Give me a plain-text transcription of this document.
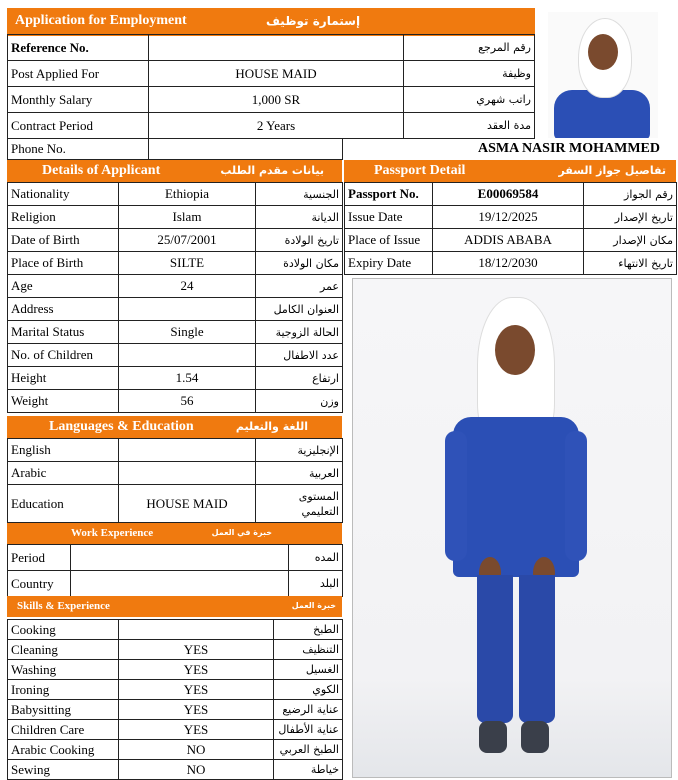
Application for Employment	إستمارة توظيف
Reference No.		رقم المرجع
Post Applied For	HOUSE MAID	وظيفة
Monthly Salary	1,000 SR	راتب شهري
Contract Period	2 Years	مدة العقد
Phone No.		ASMA NASIR MOHAMMED
Details of Applicant	بيانات مقدم الطلب
Nationality	Ethiopia	الجنسية
Religion	Islam	الديانة
Date of Birth	25/07/2001	تاريخ الولادة
Place of Birth	SILTE	مكان الولادة
Age	24	عمر
Address		العنوان الكامل
Marital Status	Single	الحالة الزوجية
No. of Children		عدد الاطفال
Height	1.54	ارتفاع
Weight	56	وزن
Languages & Education	اللغة والتعليم
English		الإنجليزية
Arabic		العربية
Education	HOUSE MAID	المستوى التعليمي
Work Experience	خبرة في العمل
Period		المده
Country		البلد
Skills & Experience	خبرة العمل
Cooking		الطبخ
Cleaning	YES	التنظيف
Washing	YES	الغسيل
Ironing	YES	الكوي
Babysitting	YES	عناية الرضيع
Children Care	YES	عناية الأطفال
Arabic Cooking	NO	الطبخ العربي
Sewing	NO	خياطة
Passport Detail	تفاصيل جواز السفر
Passport No.	E00069584	رقم الجواز
Issue Date	19/12/2025	تاريخ الإصدار
Place of Issue	ADDIS ABABA	مكان الإصدار
Expiry Date	18/12/2030	تاريخ الانتهاء
